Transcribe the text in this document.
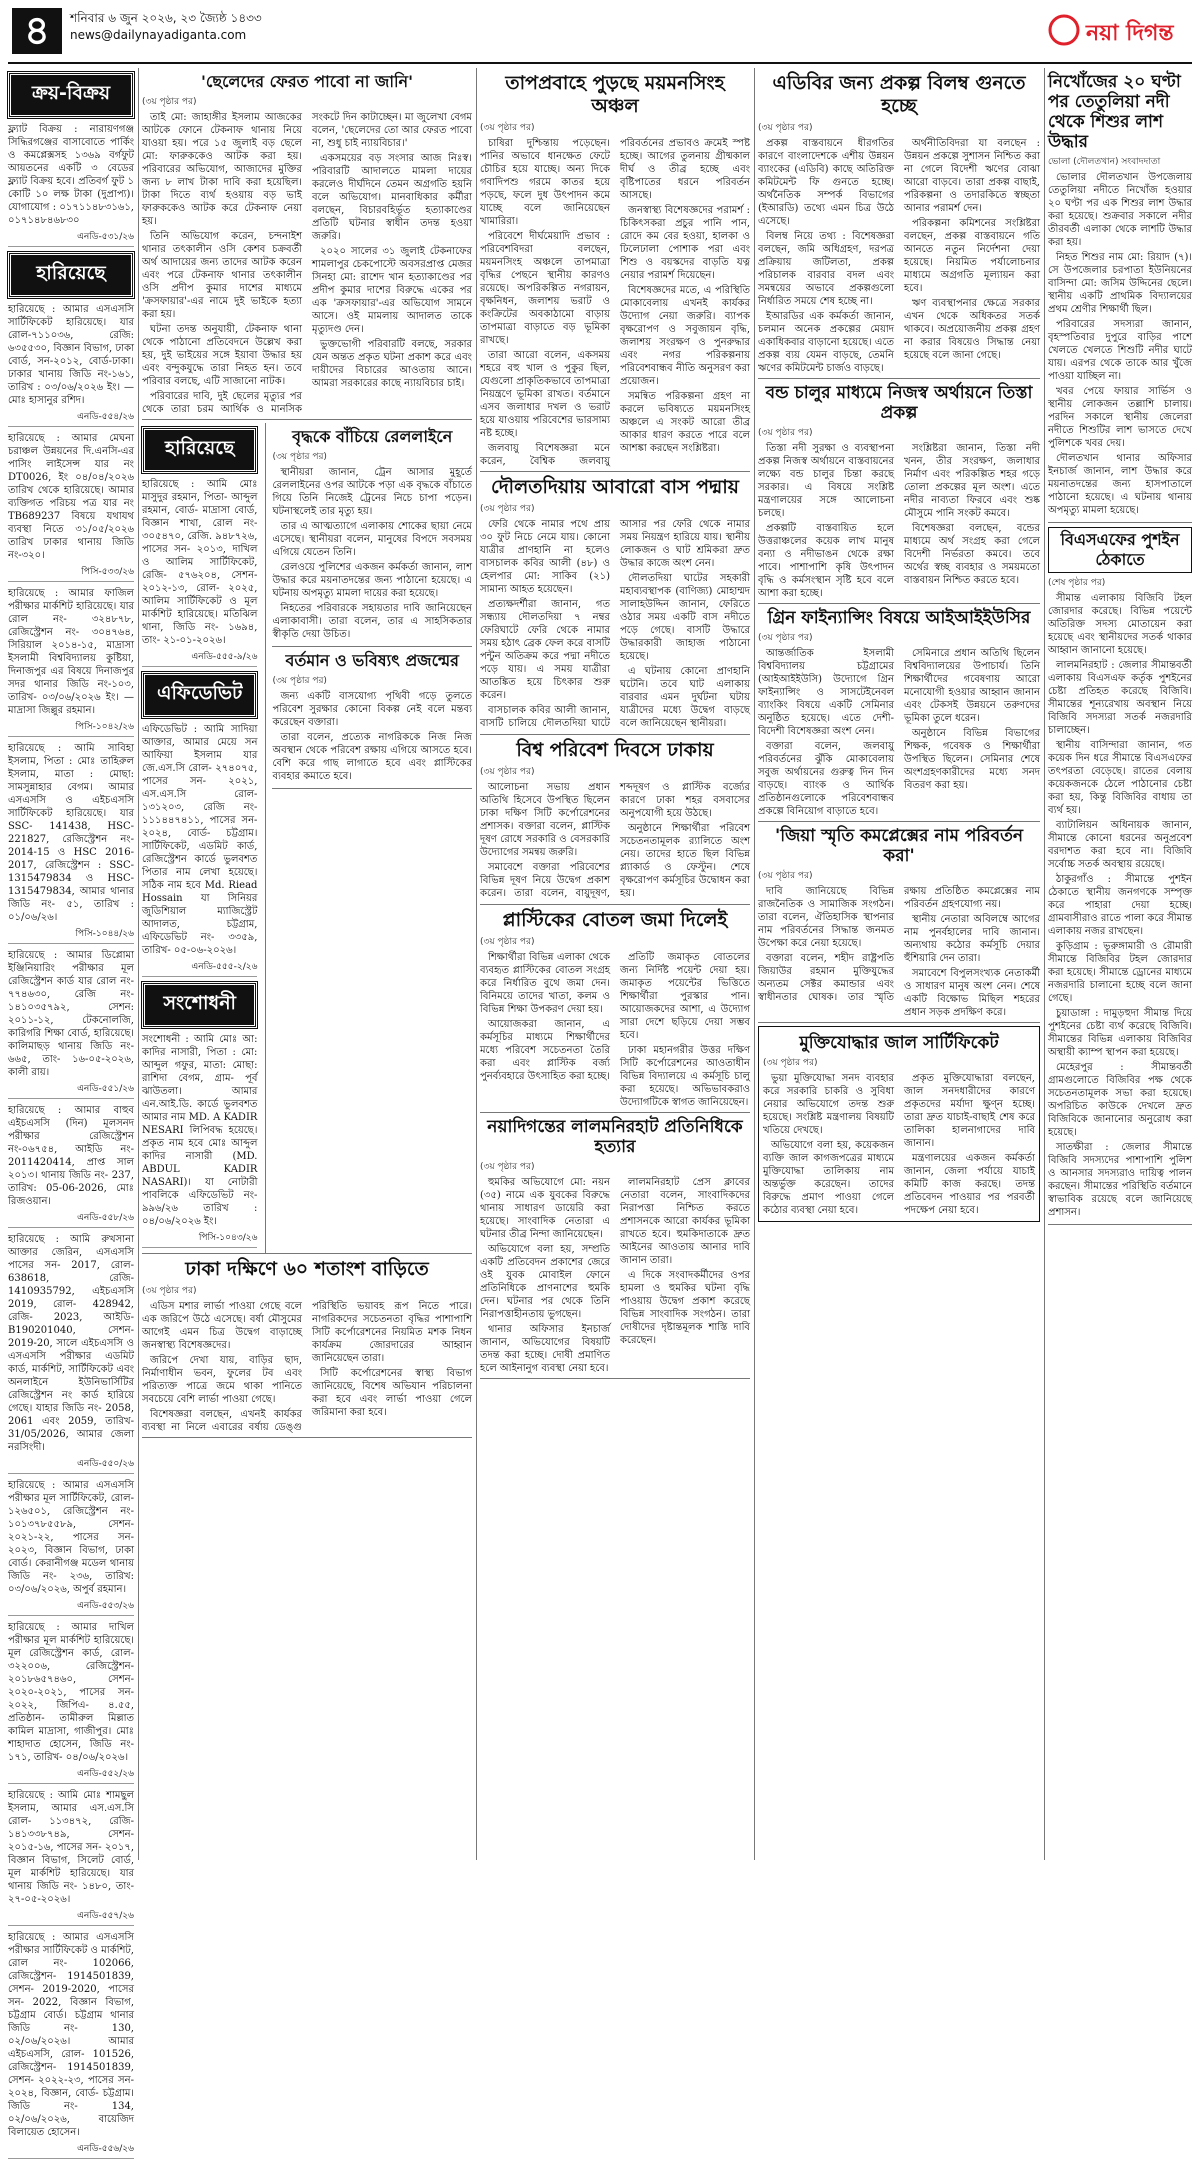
৪	শনিবার ৬ জুন ২০২৬, ২৩ জ্যৈষ্ঠ ১৪৩৩
news@dailynayadiganta.com	নয়া দিগন্ত
ক্রয়-বিক্রয়
ফ্ল্যাট বিক্রয় : নারায়ণগঞ্জ সিদ্ধিরগঞ্জের বাসাবোতে পার্কিং ও কমপ্লেক্সসহ ১৩৬৯ বর্গফুট আয়তনের একটি ৩ বেডের ফ্ল্যাট বিক্রয় হবে। প্রতিবর্গ ফুট ১ কোটি ১০ লক্ষ টাকা (দুপ্রাপ্য)। যোগাযোগ : ০১৭১১৪৮৩১৬১, ০১৭১৪৮৪৬৮৩০
এনডি-৫৩১/২৬
হারিয়েছে
হারিয়েছে : আমার এসএসসি সার্টিফিকেট হারিয়েছে। যার রোল-৭১১০৩৬, রেজি: ৬৩৫৫৩০, বিজ্ঞান বিভাগ, ঢাকা বোর্ড, সন-২০১২, বোর্ড-ঢাকা। ঢাকার খানায় জিডি নং-১৬১, তারিখ : ০৩/০৬/২০২৬ ইং। — মোঃ হাসানুর রশিদ।
এনডি-৫৫৪/২৬
হারিয়েছে : আমার মেঘনা চরাঞ্চল উন্নয়নের দি.এনসি-এর পাসিং লাইসেন্স যার নং DT0026, ইং ০৪/০৪/২০২৬ তারিখ থেকে হারিয়েছে। আমার ব্যক্তিগত পরিচয় পত্র যার নং TB689237 বিষয়ে যথাযথ ব্যবস্থা নিতে ৩১/০৫/২০২৬ তারিখ ঢাকার থানায় জিডি নং-৩২০।
পিসি-৫৩৩/২৬
হারিয়েছে : আমার ফাজিল পরীক্ষার মার্কশিট হারিয়েছে। যার রোল নং- ৩২৪৮৭৮, রেজিস্ট্রেশন নং- ৩০৪৭৬৪, সিরিয়াল ২০১৪-১৫, মাদ্রাসা ইসলামী বিশ্ববিদ্যালয় কুষ্টিয়া, দিনাজপুর এর বিষয়ে দিনাজপুর সদর থানার জিডি নং-১০৩, তারিখ- ০৩/০৬/২০২৬ ইং। —মাদ্রাসা জিল্লুর রহমান।
পিসি-১০৪২/২৬
হারিয়েছে : আমি সাবিহা ইসলাম, পিতা : মোঃ তাহিরুল ইসলাম, মাতা : মোছা: সামসুন্নাহার বেগম। আমার এসএসসি ও এইচএসসি সার্টিফিকেট হারিয়েছে। যার SSC- 141438, HSC- 221827, রেজিস্ট্রেশন নং- 2014-15 ও HSC 2016-2017, রেজিস্ট্রেশন : SSC- 1315479834 ও HSC- 1315479834, আমার থানার জিডি নং- ৫১, তারিখ : ০১/০৬/২৬।
পিসি-১০৪৪/২৬
হারিয়েছে : আমার ডিপ্লোমা ইঞ্জিনিয়ারিং পরীক্ষার মূল রেজিস্ট্রেশন কার্ড যার রোল নং- ৭৭৪৬৩০, রেজি নং- ১৪১০৩৫৭৯২, সেশন: ২০১১-১২, টেকনোলজি, কারিগরি শিক্ষা বোর্ড, হারিয়েছে। কালিমাছড় থানায় জিডি নং- ৬৬৫, তাং- ১৬-০৫-২০২৬, কালী রায়।
এনডি-৫৫১/২৬
হারিয়েছে : আমার বাহুব এইচএসসি (দিন) মূলসনদ পরীক্ষার রেজিস্ট্রেশন নং-০৬৭৫৪, আইডি নং- 2011420414, প্রাপ্ত সাল ২০১৩। থানায় জিডি নং- 237, তারিখ: 05-06-2026, মোঃ রিজওয়ান।
এনডি-৫৫৮/২৬
হারিয়েছে : আমি রুখসানা আক্তার জেরিন, এসএসসি পাসের সন- 2017, রোল- 638618, রেজি- 1410935792, এইচএসসি 2019, রোল- 428942, রেজি- 2023, আইডি- B190201040, সেশন- 2019-20, সালে এইচএসসি ও এসএসসি পরীক্ষার এডমিট কার্ড, মার্কশিট, সার্টিফিকেট এবং অনলাইনে ইউনিভার্সিটির রেজিস্ট্রেশন নং কার্ড হারিয়ে গেছে। যাহার জিডি নং- 2058, 2061 এবং 2059, তারিখ- 31/05/2026, আমার জেলা নরসিংদী।
এনডি-৫৫০/২৬
হারিয়েছে : আমার এসএসসি পরীক্ষার মূল সার্টিফিকেট, রোল- ১২৬৫০১, রেজিস্ট্রেশন নং- ১০১৩৭৮৫৫৮৯, সেশন- ২০২১-২২, পাসের সন- ২০২৩, বিজ্ঞান বিভাগ, ঢাকা বোর্ড। কেরানীগঞ্জ মডেল থানায় জিডি নং- ২৩৬, তারিখ: ০৩/০৬/২০২৬, অপুর্ব রহমান।
এনডি-৫৫৩/২৬
হারিয়েছে : আমার দাখিল পরীক্ষার মূল মার্কশিট হারিয়েছে। মূল রেজিস্ট্রেশন কার্ড, রোল- ৩২২০০৬, রেজিস্ট্রেশন- ২০১৮৬৫৭৪৬০, সেশন- ২০২০-২০২১, পাসের সন- ২০২২, জিপিএ- ৪.৫৫, প্রতিষ্ঠান- তামীরুল মিল্লাত কামিল মাদ্রাসা, গাজীপুর। মোঃ শাহাদাত হোসেন, জিডি নং- ১৭১, তারিখ- ০৪/০৬/২০২৬।
এনডি-৫৫২/২৬
হারিয়েছে : আমি মোঃ শামছুল ইসলাম, আমার এস.এস.সি রোল- ১১৩৪৭২, রেজি- ১৪১৩৩৮৭৪৯, সেশন- ২০১৫-১৬, পাসের সন- ২০১৭, বিজ্ঞান বিভাগ, সিলেট বোর্ড, মূল মার্কশিট হারিয়েছে। যার থানায় জিডি নং- ১৪৮০, তাং- ২৭-০৫-২০২৬।
এনডি-৫৫৭/২৬
হারিয়েছে : আমার এসএসসি পরীক্ষার সার্টিফিকেট ও মার্কশিট, রোল নং- 102066, রেজিস্ট্রেশন- 1914501839, সেশন- 2019-2020, পাসের সন- 2022, বিজ্ঞান বিভাগ, চট্টগ্রাম বোর্ড। চট্টগ্রাম থানার জিডি নং- 130, ০২/০৬/২০২৬। আমার এইচএসসি, রোল- 101526, রেজিস্ট্রেশন- 1914501839, সেশন- ২০২২-২৩, পাসের সন- ২০২৪, বিজ্ঞান, বোর্ড- চট্টগ্রাম। জিডি নং- 134, ০২/০৬/২০২৬, বায়েজিদ বিলায়েত হোসেন।
এনডি-৫৫৬/২৬
'ছেলেদের ফেরত পাবো না জানি'
(৩য় পৃষ্ঠার পর)

তাই মো: জাহাঙ্গীর ইসলাম আজকের আটকে ফোনে টেকনাফ থানায় নিয়ে যাওয়া হয়। পরে ১৫ জুলাই বড় ছেলে মো: ফারুককেও আটক করা হয়। পরিবারের অভিযোগ, আজাদের মুক্তির জন্য ৮ লাখ টাকা দাবি করা হয়েছিল। টাকা দিতে ব্যর্থ হওয়ায় বড় ভাই ফারুককেও আটক করে টেকনাফ নেয়া হয়।

তিনি অভিযোগ করেন, চন্দনাইশ থানার তৎকালীন ওসি কেশব চক্রবর্তী অর্থ আদায়ের জন্য তাদের আটক করেন এবং পরে টেকনাফ থানার তৎকালীন ওসি প্রদীপ কুমার দাশের মাধ্যমে 'ক্রসফায়ার'-এর নামে দুই ভাইকে হত্যা করা হয়।

ঘটনা তদন্ত অনুযায়ী, টেকনাফ থানা থেকে পাঠানো প্রতিবেদনে উল্লেখ করা হয়, দুই ভাইয়ের সঙ্গে ইয়াবা উদ্ধার হয় এবং বন্দুকযুদ্ধে তারা নিহত হন। তবে পরিবার বলছে, এটি সাজানো নাটক।

পরিবারের দাবি, দুই ছেলের মৃত্যুর পর থেকে তারা চরম আর্থিক ও মানসিক সংকটে দিন কাটাচ্ছেন। মা জুলেখা বেগম বলেন, 'ছেলেদের তো আর ফেরত পাবো না, শুধু চাই ন্যায়বিচার।'

একসময়ের বড় সংসার আজ নিঃস্ব। পরিবারটি আদালতে মামলা দায়ের করলেও দীর্ঘদিনে তেমন অগ্রগতি হয়নি বলে অভিযোগ। মানবাধিকার কর্মীরা বলছেন, বিচারবহির্ভূত হত্যাকাণ্ডের প্রতিটি ঘটনার স্বাধীন তদন্ত হওয়া জরুরি।

২০২০ সালের ৩১ জুলাই টেকনাফের শামলাপুর চেকপোস্টে অবসরপ্রাপ্ত মেজর সিনহা মো: রাশেদ খান হত্যাকাণ্ডের পর প্রদীপ কুমার দাশের বিরুদ্ধে একের পর এক 'ক্রসফায়ার'-এর অভিযোগ সামনে আসে। ওই মামলায় আদালত তাকে মৃত্যুদণ্ড দেন।

ভুক্তভোগী পরিবারটি বলছে, সরকার যেন অন্তত প্রকৃত ঘটনা প্রকাশ করে এবং দায়ীদের বিচারের আওতায় আনে। আমরা সরকারের কাছে ন্যায়বিচার চাই।

হারিয়েছে
হারিয়েছে : আমি মোঃ মাসুদুর রহমান, পিতা- আব্দুল রহমান, বোর্ড- মাদ্রাসা বোর্ড, বিজ্ঞান শাখা, রোল নং- ৩০৫৪৭০, রেজি. ৯৪৮৭২৬, পাসের সন- ২০১৩, দাখিল ও আলিম সার্টিফিকেট, রেজি- ৫৭৬২০৪, সেশন- ২০১২-১৩, রোল- ২০২৫, আলিম সার্টিফিকেট ও মূল মার্কশিট হারিয়েছে। মতিঝিল থানা, জিডি নং- ১৬৯৪, তাং- ২১-০১-২০২৬।
এনডি-৫৫৫-৯/২৬
এফিডেভিট
এফিডেভিট : আমি সাদিয়া আক্তার, আমার মেয়ে সন আফিয়া ইসলাম যার জে.এস.সি রোল- ২৭৪০৭৫, পাসের সন- ২০২১, এস.এস.সি রোল- ১৩১২০৩, রেজি নং- ১১১৪৪৭৪১১, পাসের সন- ২০২৪, বোর্ড- চট্টগ্রাম। সার্টিফিকেট, এডমিট কার্ড, রেজিস্ট্রেশন কার্ডে ভুলবশত পিতার নাম লেখা হয়েছে। সঠিক নাম হবে Md. Riead Hossain যা সিনিয়র জুডিশিয়াল ম্যাজিস্ট্রেট আদালত, চট্টগ্রাম, এফিডেভিট নং- ৩৩৫৯, তারিখ- ০৫-০৬-২০২৬।
এনডি-৫৫৫-২/২৬
সংশোধনী
সংশোধনী : আমি মোঃ আ: কাদির নাসারী, পিতা : মো: আব্দুল গফুর, মাতা: মোছা: রাশিদা বেগম, গ্রাম- পূর্ব ঝাউতলা। আমার এন.আই.ডি. কার্ডে ভুলবশত আমার নাম MD. A KADIR NESARI লিপিবদ্ধ হয়েছে। প্রকৃত নাম হবে মোঃ আব্দুল কাদির নাসারী (MD. ABDUL KADIR NASARI)। যা নোটারী পাবলিকে এফিডেভিট নং- ৯৯৬/২৬ তারিখ : ০৪/০৬/২০২৬ ইং।
পিসি-১০৪৩/২৬
বৃদ্ধকে বাঁচিয়ে রেললাইনে
(৩য় পৃষ্ঠার পর)

স্থানীয়রা জানান, ট্রেন আসার মুহূর্তে রেললাইনের ওপর আটকে পড়া এক বৃদ্ধকে বাঁচাতে গিয়ে তিনি নিজেই ট্রেনের নিচে চাপা পড়েন। ঘটনাস্থলেই তার মৃত্যু হয়।

তার এ আত্মত্যাগে এলাকায় শোকের ছায়া নেমে এসেছে। স্থানীয়রা বলেন, মানুষের বিপদে সবসময় এগিয়ে যেতেন তিনি।

রেলওয়ে পুলিশের একজন কর্মকর্তা জানান, লাশ উদ্ধার করে ময়নাতদন্তের জন্য পাঠানো হয়েছে। এ ঘটনায় অপমৃত্যু মামলা দায়ের করা হয়েছে।

নিহতের পরিবারকে সহায়তার দাবি জানিয়েছেন এলাকাবাসী। তারা বলেন, তার এ সাহসিকতার স্বীকৃতি দেয়া উচিত।

বর্তমান ও ভবিষ্যৎ প্রজন্মের
(৩য় পৃষ্ঠার পর)

জন্য একটি বাসযোগ্য পৃথিবী গড়ে তুলতে পরিবেশ সুরক্ষার কোনো বিকল্প নেই বলে মন্তব্য করেছেন বক্তারা।

তারা বলেন, প্রত্যেক নাগরিককে নিজ নিজ অবস্থান থেকে পরিবেশ রক্ষায় এগিয়ে আসতে হবে। বেশি করে গাছ লাগাতে হবে এবং প্লাস্টিকের ব্যবহার কমাতে হবে।

ঢাকা দক্ষিণে ৬০ শতাংশ বাড়িতে
(৩য় পৃষ্ঠার পর)

এডিস মশার লার্ভা পাওয়া গেছে বলে এক জরিপে উঠে এসেছে। বর্ষা মৌসুমের আগেই এমন চিত্র উদ্বেগ বাড়াচ্ছে জনস্বাস্থ্য বিশেষজ্ঞদের।

জরিপে দেখা যায়, বাড়ির ছাদ, নির্মাণাধীন ভবন, ফুলের টব এবং পরিত্যক্ত পাত্রে জমে থাকা পানিতে সবচেয়ে বেশি লার্ভা পাওয়া গেছে।

বিশেষজ্ঞরা বলছেন, এখনই কার্যকর ব্যবস্থা না নিলে এবারের বর্ষায় ডেঙ্গু পরিস্থিতি ভয়াবহ রূপ নিতে পারে। নাগরিকদের সচেতনতা বৃদ্ধির পাশাপাশি সিটি কর্পোরেশনের নিয়মিত মশক নিধন কার্যক্রম জোরদারের আহ্বান জানিয়েছেন তারা।

সিটি কর্পোরেশনের স্বাস্থ্য বিভাগ জানিয়েছে, বিশেষ অভিযান পরিচালনা করা হবে এবং লার্ভা পাওয়া গেলে জরিমানা করা হবে।

তাপপ্রবাহে পুড়ছে ময়মনসিংহ অঞ্চল
(৩য় পৃষ্ঠার পর)

চাষিরা দুশ্চিন্তায় পড়েছেন। পানির অভাবে ধানক্ষেত ফেটে চৌচির হয়ে যাচ্ছে। অন্য দিকে গবাদিপশু গরমে কাতর হয়ে পড়ছে, ফলে দুধ উৎপাদন কমে যাচ্ছে বলে জানিয়েছেন খামারিরা।

পরিবেশে দীর্ঘমেয়াদি প্রভাব : পরিবেশবিদরা বলছেন, ময়মনসিংহ অঞ্চলে তাপমাত্রা বৃদ্ধির পেছনে স্থানীয় কারণও রয়েছে। অপরিকল্পিত নগরায়ন, বৃক্ষনিধন, জলাশয় ভরাট ও কংক্রিটের অবকাঠামো বাড়ায় তাপমাত্রা বাড়াতে বড় ভূমিকা রাখছে।

তারা আরো বলেন, একসময় শহরে বহু খাল ও পুকুর ছিল, যেগুলো প্রাকৃতিকভাবে তাপমাত্রা নিয়ন্ত্রণে ভূমিকা রাখত। বর্তমানে এসব জলাধার দখল ও ভরাট হয়ে যাওয়ায় পরিবেশের ভারসাম্য নষ্ট হচ্ছে।

জলবায়ু বিশেষজ্ঞরা মনে করেন, বৈশ্বিক জলবায়ু পরিবর্তনের প্রভাবও ক্রমেই স্পষ্ট হচ্ছে। আগের তুলনায় গ্রীষ্মকাল দীর্ঘ ও তীব্র হচ্ছে এবং বৃষ্টিপাতের ধরনে পরিবর্তন আসছে।

জনস্বাস্থ্য বিশেষজ্ঞদের পরামর্শ : চিকিৎসকরা প্রচুর পানি পান, রোদে কম বের হওয়া, হালকা ও ঢিলেঢালা পোশাক পরা এবং শিশু ও বয়স্কদের বাড়তি যত্ন নেয়ার পরামর্শ দিয়েছেন।

বিশেষজ্ঞদের মতে, এ পরিস্থিতি মোকাবেলায় এখনই কার্যকর উদ্যোগ নেয়া জরুরি। ব্যাপক বৃক্ষরোপণ ও সবুজায়ন বৃদ্ধি, জলাশয় সংরক্ষণ ও পুনরুদ্ধার এবং নগর পরিকল্পনায় পরিবেশবান্ধব নীতি অনুসরণ করা প্রয়োজন।

সমন্বিত পরিকল্পনা গ্রহণ না করলে ভবিষ্যতে ময়মনসিংহ অঞ্চলে এ সংকট আরো তীব্র আকার ধারণ করতে পারে বলে আশঙ্কা করছেন সংশ্লিষ্টরা।

দৌলতদিয়ায় আবারো বাস পদ্মায়
(৩য় পৃষ্ঠার পর)

ফেরি থেকে নামার পথে প্রায় ৩০ ফুট নিচে নেমে যায়। কোনো যাত্রীর প্রাণহানি না হলেও বাসচালক কবির আলী (৪৮) ও হেলপার মো: সাকিব (২১) সামান্য আহত হয়েছেন।

প্রত্যক্ষদর্শীরা জানান, গত সন্ধ্যায় দৌলতদিয়া ৭ নম্বর ফেরিঘাটে ফেরি থেকে নামার সময় হঠাৎ ব্রেক ফেল করে বাসটি পন্টুন অতিক্রম করে পদ্মা নদীতে পড়ে যায়। এ সময় যাত্রীরা আতঙ্কিত হয়ে চিৎকার শুরু করেন।

বাসচালক কবির আলী জানান, বাসটি চালিয়ে দৌলতদিয়া ঘাটে আসার পর ফেরি থেকে নামার সময় নিয়ন্ত্রণ হারিয়ে যায়। স্থানীয় লোকজন ও ঘাট শ্রমিকরা দ্রুত উদ্ধার কাজে অংশ নেন।

দৌলতদিয়া ঘাটের সহকারী মহাব্যবস্থাপক (বাণিজ্য) মোহাম্মদ সালাহউদ্দিন জানান, ফেরিতে ওঠার সময় একটি বাস নদীতে পড়ে গেছে। বাসটি উদ্ধারে উদ্ধারকারী জাহাজ পাঠানো হয়েছে।

এ ঘটনায় কোনো প্রাণহানি ঘটেনি। তবে ঘাট এলাকায় বারবার এমন দুর্ঘটনা ঘটায় যাত্রীদের মধ্যে উদ্বেগ বাড়ছে বলে জানিয়েছেন স্থানীয়রা।

বিশ্ব পরিবেশ দিবসে ঢাকায়
(৩য় পৃষ্ঠার পর)

আলোচনা সভায় প্রধান অতিথি হিসেবে উপস্থিত ছিলেন ঢাকা দক্ষিণ সিটি কর্পোরেশনের প্রশাসক। বক্তারা বলেন, প্লাস্টিক দূষণ রোধে সরকারি ও বেসরকারি উদ্যোগের সমন্বয় জরুরি।

সমাবেশে বক্তারা পরিবেশের বিভিন্ন দূষণ নিয়ে উদ্বেগ প্রকাশ করেন। তারা বলেন, বায়ুদূষণ, শব্দদূষণ ও প্লাস্টিক বর্জ্যের কারণে ঢাকা শহর বসবাসের অনুপযোগী হয়ে উঠছে।

অনুষ্ঠানে শিক্ষার্থীরা পরিবেশ সচেতনতামূলক র‍্যালিতে অংশ নেয়। তাদের হাতে ছিল বিভিন্ন প্ল্যাকার্ড ও ফেস্টুন। শেষে বৃক্ষরোপণ কর্মসূচির উদ্বোধন করা হয়।

প্লাস্টিকের বোতল জমা দিলেই
(৩য় পৃষ্ঠার পর)

শিক্ষার্থীরা বিভিন্ন এলাকা থেকে ব্যবহৃত প্লাস্টিকের বোতল সংগ্রহ করে নির্ধারিত বুথে জমা দেন। বিনিময়ে তাদের খাতা, কলম ও বিভিন্ন শিক্ষা উপকরণ দেয়া হয়।

আয়োজকরা জানান, এ কর্মসূচির মাধ্যমে শিক্ষার্থীদের মধ্যে পরিবেশ সচেতনতা তৈরি করা এবং প্লাস্টিক বর্জ্য পুনর্ব্যবহারে উৎসাহিত করা হচ্ছে।

প্রতিটি জমাকৃত বোতলের জন্য নির্দিষ্ট পয়েন্ট দেয়া হয়। জমাকৃত পয়েন্টের ভিত্তিতে শিক্ষার্থীরা পুরস্কার পান। আয়োজকদের আশা, এ উদ্যোগ সারা দেশে ছড়িয়ে দেয়া সম্ভব হবে।

ঢাকা মহানগরীর উত্তর দক্ষিণ সিটি কর্পোরেশনের আওতাধীন বিভিন্ন বিদ্যালয়ে এ কর্মসূচি চালু করা হয়েছে। অভিভাবকরাও উদ্যোগটিকে স্বাগত জানিয়েছেন।

নয়াদিগন্তের লালমনিরহাট প্রতিনিধিকে হত্যার
(৩য় পৃষ্ঠার পর)

হুমকির অভিযোগে মো: নয়ন (৩৫) নামে এক যুবকের বিরুদ্ধে থানায় সাধারণ ডায়েরি করা হয়েছে। সাংবাদিক নেতারা এ ঘটনার তীব্র নিন্দা জানিয়েছেন।

অভিযোগে বলা হয়, সম্প্রতি একটি প্রতিবেদন প্রকাশের জেরে ওই যুবক মোবাইল ফোনে প্রতিনিধিকে প্রাণনাশের হুমকি দেন। ঘটনার পর থেকে তিনি নিরাপত্তাহীনতায় ভুগছেন।

থানার অফিসার ইনচার্জ জানান, অভিযোগের বিষয়টি তদন্ত করা হচ্ছে। দোষী প্রমাণিত হলে আইনানুগ ব্যবস্থা নেয়া হবে।

লালমনিরহাট প্রেস ক্লাবের নেতারা বলেন, সাংবাদিকদের নিরাপত্তা নিশ্চিত করতে প্রশাসনকে আরো কার্যকর ভূমিকা রাখতে হবে। হুমকিদাতাকে দ্রুত আইনের আওতায় আনার দাবি জানান তারা।

এ দিকে সংবাদকর্মীদের ওপর হামলা ও হুমকির ঘটনা বৃদ্ধি পাওয়ায় উদ্বেগ প্রকাশ করেছে বিভিন্ন সাংবাদিক সংগঠন। তারা দোষীদের দৃষ্টান্তমূলক শাস্তি দাবি করেছেন।

এডিবির জন্য প্রকল্প বিলম্ব গুনতে হচ্ছে
(৩য় পৃষ্ঠার পর)

প্রকল্প বাস্তবায়নে ধীরগতির কারণে বাংলাদেশকে এশীয় উন্নয়ন ব্যাংকের (এডিবি) কাছে অতিরিক্ত কমিটমেন্ট ফি গুনতে হচ্ছে। অর্থনৈতিক সম্পর্ক বিভাগের (ইআরডি) তথ্যে এমন চিত্র উঠে এসেছে।

বিলম্ব নিয়ে তথ্য : বিশেষজ্ঞরা বলছেন, জমি অধিগ্রহণ, দরপত্র প্রক্রিয়ায় জটিলতা, প্রকল্প পরিচালক বারবার বদল এবং সমন্বয়ের অভাবে প্রকল্পগুলো নির্ধারিত সময়ে শেষ হচ্ছে না।

ইআরডির এক কর্মকর্তা জানান, চলমান অনেক প্রকল্পের মেয়াদ একাধিকবার বাড়ানো হয়েছে। এতে প্রকল্প ব্যয় যেমন বাড়ছে, তেমনি ঋণের কমিটমেন্ট চার্জও বাড়ছে।

অর্থনীতিবিদরা যা বলছেন : উন্নয়ন প্রকল্পে সুশাসন নিশ্চিত করা না গেলে বিদেশী ঋণের বোঝা আরো বাড়বে। তারা প্রকল্প বাছাই, পরিকল্পনা ও তদারকিতে স্বচ্ছতা আনার পরামর্শ দেন।

পরিকল্পনা কমিশনের সংশ্লিষ্টরা বলছেন, প্রকল্প বাস্তবায়নে গতি আনতে নতুন নির্দেশনা দেয়া হয়েছে। নিয়মিত পর্যালোচনার মাধ্যমে অগ্রগতি মূল্যায়ন করা হবে।

ঋণ ব্যবস্থাপনার ক্ষেত্রে সরকার এখন থেকে অধিকতর সতর্ক থাকবে। অপ্রয়োজনীয় প্রকল্প গ্রহণ না করার বিষয়েও সিদ্ধান্ত নেয়া হয়েছে বলে জানা গেছে।

বন্ড চালুর মাধ্যমে নিজস্ব অর্থায়নে তিস্তা প্রকল্প
(৩য় পৃষ্ঠার পর)

তিস্তা নদী সুরক্ষা ও ব্যবস্থাপনা প্রকল্প নিজস্ব অর্থায়নে বাস্তবায়নের লক্ষ্যে বন্ড চালুর চিন্তা করছে সরকার। এ বিষয়ে সংশ্লিষ্ট মন্ত্রণালয়ের সঙ্গে আলোচনা চলছে।

প্রকল্পটি বাস্তবায়িত হলে উত্তরাঞ্চলের কয়েক লাখ মানুষ বন্যা ও নদীভাঙন থেকে রক্ষা পাবে। পাশাপাশি কৃষি উৎপাদন বৃদ্ধি ও কর্মসংস্থান সৃষ্টি হবে বলে আশা করা হচ্ছে।

সংশ্লিষ্টরা জানান, তিস্তা নদী খনন, তীর সংরক্ষণ, জলাধার নির্মাণ এবং পরিকল্পিত শহর গড়ে তোলা প্রকল্পের মূল অংশ। এতে নদীর নাব্যতা ফিরবে এবং শুষ্ক মৌসুমে পানি সংকট কমবে।

বিশেষজ্ঞরা বলছেন, বন্ডের মাধ্যমে অর্থ সংগ্রহ করা গেলে বিদেশী নির্ভরতা কমবে। তবে অর্থের স্বচ্ছ ব্যবহার ও সময়মতো বাস্তবায়ন নিশ্চিত করতে হবে।

গ্রিন ফাইন্যান্সিং বিষয়ে আইআইইউসির
(৩য় পৃষ্ঠার পর)

আন্তর্জাতিক ইসলামী বিশ্ববিদ্যালয় চট্টগ্রামের (আইআইইউসি) উদ্যোগে গ্রিন ফাইন্যান্সিং ও সাসটেইনেবল ব্যাংকিং বিষয়ে একটি সেমিনার অনুষ্ঠিত হয়েছে। এতে দেশী-বিদেশী বিশেষজ্ঞরা অংশ নেন।

বক্তারা বলেন, জলবায়ু পরিবর্তনের ঝুঁকি মোকাবেলায় সবুজ অর্থায়নের গুরুত্ব দিন দিন বাড়ছে। ব্যাংক ও আর্থিক প্রতিষ্ঠানগুলোকে পরিবেশবান্ধব প্রকল্পে বিনিয়োগ বাড়াতে হবে।

সেমিনারে প্রধান অতিথি ছিলেন বিশ্ববিদ্যালয়ের উপাচার্য। তিনি শিক্ষার্থীদের গবেষণায় আরো মনোযোগী হওয়ার আহ্বান জানান এবং টেকসই উন্নয়নে তরুণদের ভূমিকা তুলে ধরেন।

অনুষ্ঠানে বিভিন্ন বিভাগের শিক্ষক, গবেষক ও শিক্ষার্থীরা উপস্থিত ছিলেন। সেমিনার শেষে অংশগ্রহণকারীদের মধ্যে সনদ বিতরণ করা হয়।

'জিয়া স্মৃতি কমপ্লেক্সের নাম পরিবর্তন করা'
(৩য় পৃষ্ঠার পর)

দাবি জানিয়েছে বিভিন্ন রাজনৈতিক ও সামাজিক সংগঠন। তারা বলেন, ঐতিহাসিক স্থাপনার নাম পরিবর্তনের সিদ্ধান্ত জনমত উপেক্ষা করে নেয়া হয়েছে।

বক্তারা বলেন, শহীদ রাষ্ট্রপতি জিয়াউর রহমান মুক্তিযুদ্ধের অন্যতম সেক্টর কমান্ডার এবং স্বাধীনতার ঘোষক। তার স্মৃতি রক্ষায় প্রতিষ্ঠিত কমপ্লেক্সের নাম পরিবর্তন গ্রহণযোগ্য নয়।

স্থানীয় নেতারা অবিলম্বে আগের নাম পুনর্বহালের দাবি জানান। অন্যথায় কঠোর কর্মসূচি দেয়ার হুঁশিয়ারি দেন তারা।

সমাবেশে বিপুলসংখ্যক নেতাকর্মী ও সাধারণ মানুষ অংশ নেন। শেষে একটি বিক্ষোভ মিছিল শহরের প্রধান সড়ক প্রদক্ষিণ করে।

মুক্তিযোদ্ধার জাল সার্টিফিকেট
(৩য় পৃষ্ঠার পর)

ভুয়া মুক্তিযোদ্ধা সনদ ব্যবহার করে সরকারি চাকরি ও সুবিধা নেয়ার অভিযোগে তদন্ত শুরু হয়েছে। সংশ্লিষ্ট মন্ত্রণালয় বিষয়টি খতিয়ে দেখছে।

অভিযোগে বলা হয়, কয়েকজন ব্যক্তি জাল কাগজপত্রের মাধ্যমে মুক্তিযোদ্ধা তালিকায় নাম অন্তর্ভুক্ত করেছেন। তাদের বিরুদ্ধে প্রমাণ পাওয়া গেলে কঠোর ব্যবস্থা নেয়া হবে।

প্রকৃত মুক্তিযোদ্ধারা বলছেন, জাল সনদধারীদের কারণে প্রকৃতদের মর্যাদা ক্ষুণ্ন হচ্ছে। তারা দ্রুত যাচাই-বাছাই শেষ করে তালিকা হালনাগাদের দাবি জানান।

মন্ত্রণালয়ের একজন কর্মকর্তা জানান, জেলা পর্যায়ে যাচাই কমিটি কাজ করছে। তদন্ত প্রতিবেদন পাওয়ার পর পরবর্তী পদক্ষেপ নেয়া হবে।

নিখোঁজের ২০ ঘণ্টা পর তেতুলিয়া নদী থেকে শিশুর লাশ উদ্ধার
ভোলা (দৌলতখান) সংবাদদাতা

ভোলার দৌলতখান উপজেলায় তেতুলিয়া নদীতে নিখোঁজ হওয়ার ২০ ঘণ্টা পর এক শিশুর লাশ উদ্ধার করা হয়েছে। শুক্রবার সকালে নদীর তীরবর্তী এলাকা থেকে লাশটি উদ্ধার করা হয়।

নিহত শিশুর নাম মো: রিয়াদ (৭)। সে উপজেলার চরপাতা ইউনিয়নের বাসিন্দা মো: জসিম উদ্দিনের ছেলে। স্থানীয় একটি প্রাথমিক বিদ্যালয়ের প্রথম শ্রেণীর শিক্ষার্থী ছিল।

পরিবারের সদস্যরা জানান, বৃহস্পতিবার দুপুরে বাড়ির পাশে খেলতে খেলতে শিশুটি নদীর ঘাটে যায়। এরপর থেকে তাকে আর খুঁজে পাওয়া যাচ্ছিল না।

খবর পেয়ে ফায়ার সার্ভিস ও স্থানীয় লোকজন তল্লাশি চালায়। পরদিন সকালে স্থানীয় জেলেরা নদীতে শিশুটির লাশ ভাসতে দেখে পুলিশকে খবর দেয়।

দৌলতখান থানার অফিসার ইনচার্জ জানান, লাশ উদ্ধার করে ময়নাতদন্তের জন্য হাসপাতালে পাঠানো হয়েছে। এ ঘটনায় থানায় অপমৃত্যু মামলা হয়েছে।

বিএসএফের পুশইন ঠেকাতে
(শেষ পৃষ্ঠার পর)

সীমান্ত এলাকায় বিজিবি টহল জোরদার করেছে। বিভিন্ন পয়েন্টে অতিরিক্ত সদস্য মোতায়েন করা হয়েছে এবং স্থানীয়দের সতর্ক থাকার আহ্বান জানানো হয়েছে।

লালমনিরহাট : জেলার সীমান্তবর্তী এলাকায় বিএসএফ কর্তৃক পুশইনের চেষ্টা প্রতিহত করেছে বিজিবি। সীমান্তের শূন্যরেখায় অবস্থান নিয়ে বিজিবি সদস্যরা সতর্ক নজরদারি চালাচ্ছেন।

স্থানীয় বাসিন্দারা জানান, গত কয়েক দিন ধরে সীমান্তে বিএসএফের তৎপরতা বেড়েছে। রাতের বেলায় কয়েকজনকে ঠেলে পাঠানোর চেষ্টা করা হয়, কিন্তু বিজিবির বাধায় তা ব্যর্থ হয়।

ব্যাটালিয়ন অধিনায়ক জানান, সীমান্তে কোনো ধরনের অনুপ্রবেশ বরদাশত করা হবে না। বিজিবি সর্বোচ্চ সতর্ক অবস্থায় রয়েছে।

ঠাকুরগাঁও : সীমান্তে পুশইন ঠেকাতে স্থানীয় জনগণকে সম্পৃক্ত করে পাহারা দেয়া হচ্ছে। গ্রামবাসীরাও রাতে পালা করে সীমান্ত এলাকায় নজর রাখছেন।

কুড়িগ্রাম : ভূরুঙ্গামারী ও রৌমারী সীমান্তে বিজিবির টহল জোরদার করা হয়েছে। সীমান্তে ড্রোনের মাধ্যমে নজরদারি চালানো হচ্ছে বলে জানা গেছে।

চুয়াডাঙ্গা : দামুড়হুদা সীমান্ত দিয়ে পুশইনের চেষ্টা ব্যর্থ করেছে বিজিবি। সীমান্তের বিভিন্ন এলাকায় বিজিবির অস্থায়ী ক্যাম্প স্থাপন করা হয়েছে।

মেহেরপুর : সীমান্তবর্তী গ্রামগুলোতে বিজিবির পক্ষ থেকে সচেতনতামূলক সভা করা হয়েছে। অপরিচিত কাউকে দেখলে দ্রুত বিজিবিকে জানানোর অনুরোধ করা হয়েছে।

সাতক্ষীরা : জেলার সীমান্তে বিজিবি সদস্যদের পাশাপাশি পুলিশ ও আনসার সদস্যরাও দায়িত্ব পালন করছেন। সীমান্তের পরিস্থিতি বর্তমানে স্বাভাবিক রয়েছে বলে জানিয়েছে প্রশাসন।
